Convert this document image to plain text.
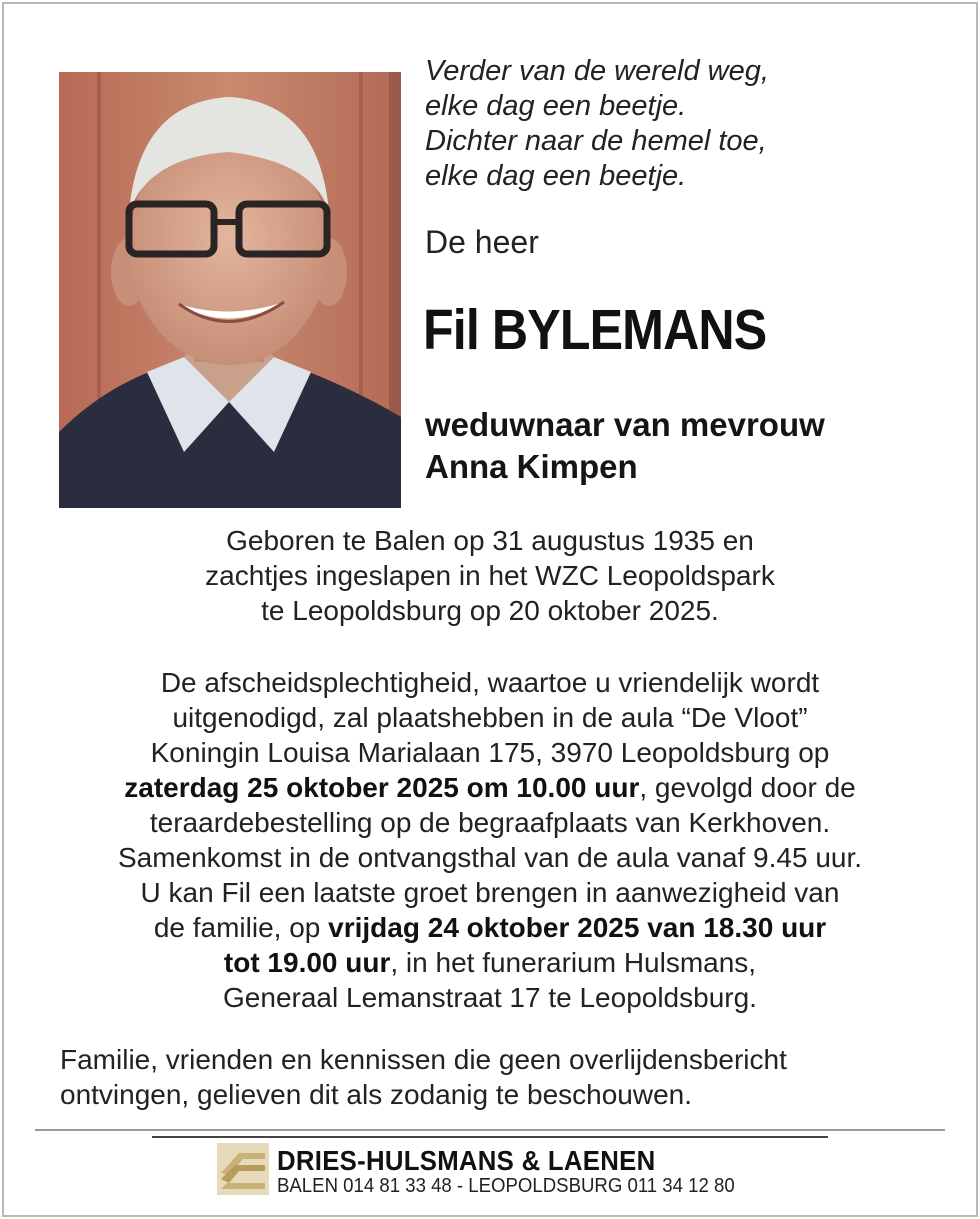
Verder van de wereld weg,
elke dag een beetje.
Dichter naar de hemel toe,
elke dag een beetje.
De heer
Fil BYLEMANS
weduwnaar van mevrouw
Anna Kimpen
Geboren te Balen op 31 augustus 1935 en
zachtjes ingeslapen in het WZC Leopoldspark
te Leopoldsburg op 20 oktober 2025.
De afscheidsplechtigheid, waartoe u vriendelijk wordt
uitgenodigd, zal plaatshebben in de aula “De Vloot”
Koningin Louisa Marialaan 175, 3970 Leopoldsburg op
zaterdag 25 oktober 2025 om 10.00 uur, gevolgd door de
teraardebestelling op de begraafplaats van Kerkhoven.
Samenkomst in de ontvangsthal van de aula vanaf 9.45 uur.
U kan Fil een laatste groet brengen in aanwezigheid van
de familie, op vrijdag 24 oktober 2025 van 18.30 uur
tot 19.00 uur, in het funerarium Hulsmans,
Generaal Lemanstraat 17 te Leopoldsburg.
Familie, vrienden en kennissen die geen overlijdensbericht
ontvingen, gelieven dit als zodanig te beschouwen.
DRIES-HULSMANS & LAENEN
BALEN 014 81 33 48 - LEOPOLDSBURG 011 34 12 80
